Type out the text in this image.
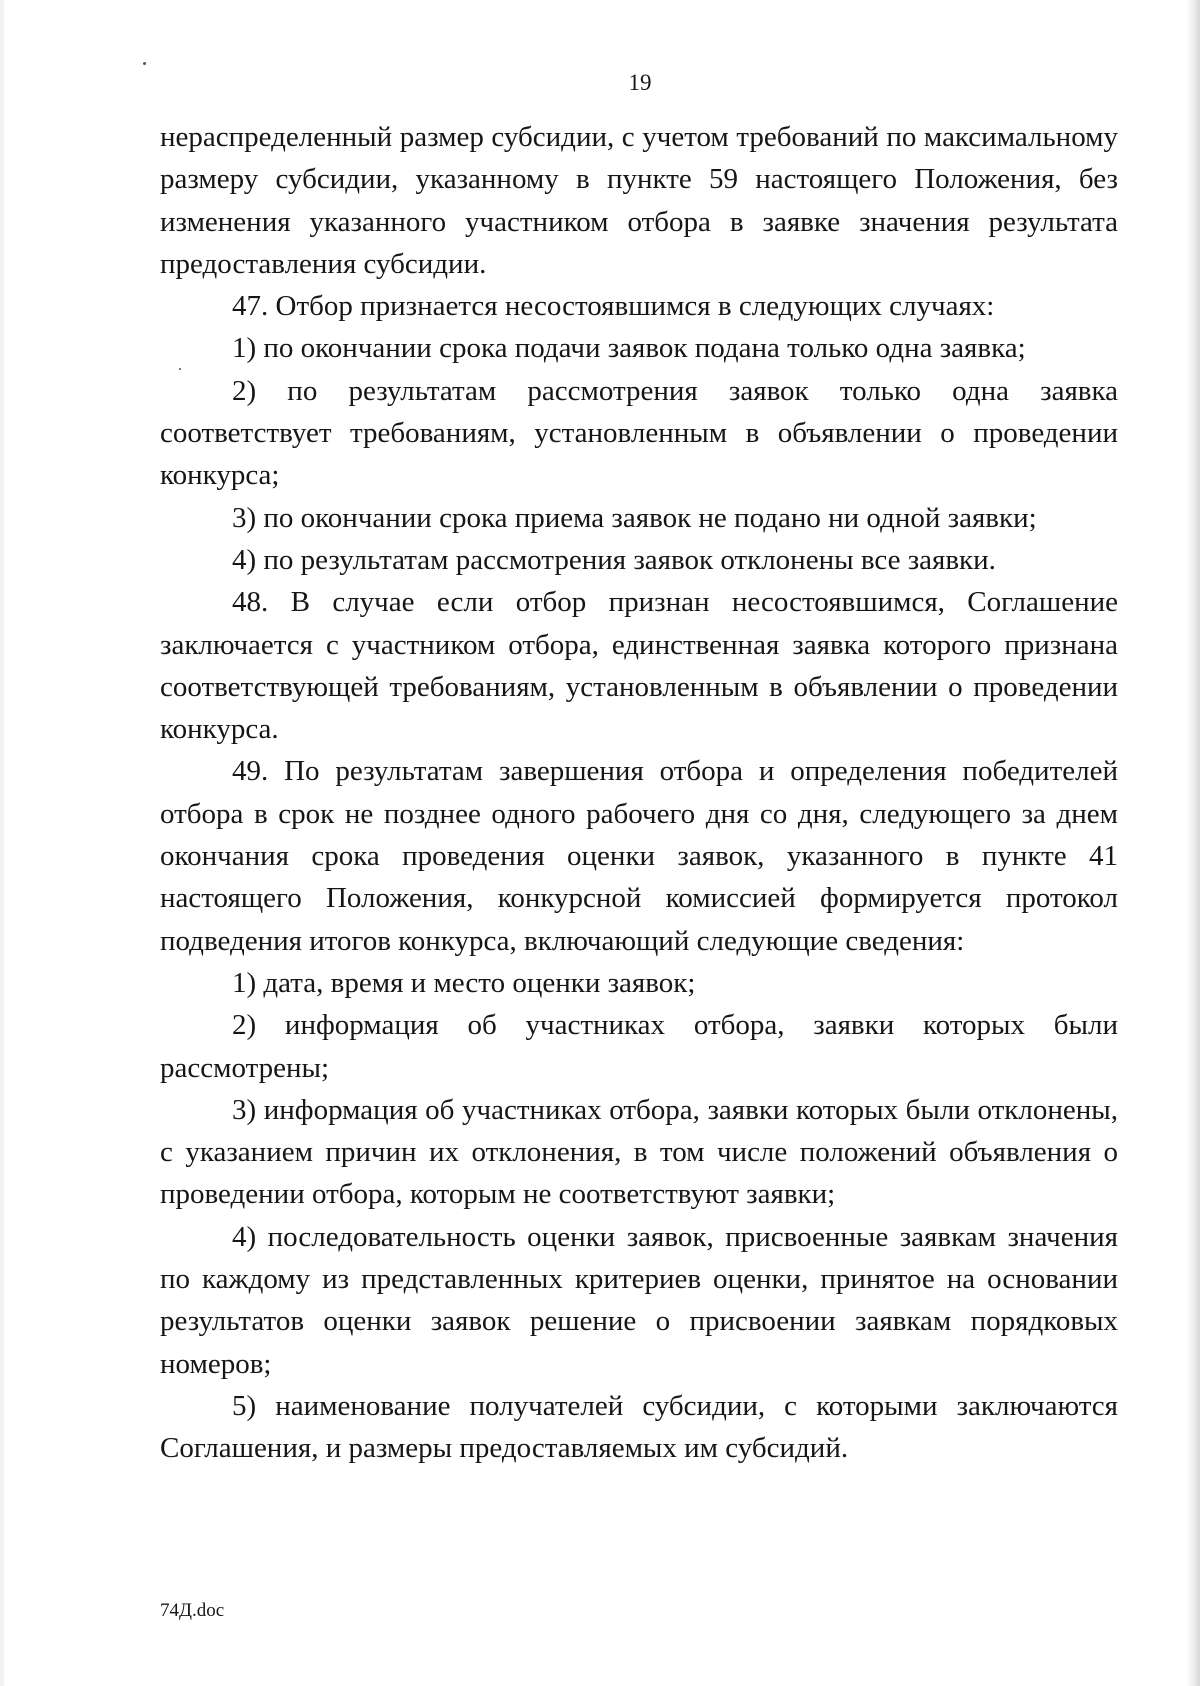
19

нераспределенный размер субсидии, с учетом требований по максимальному размеру субсидии, указанному в пункте 59 настоящего Положения, без изменения указанного участником отбора в заявке значения результата предоставления субсидии.

47. Отбор признается несостоявшимся в следующих случаях:

1) по окончании срока подачи заявок подана только одна заявка;

2) по результатам рассмотрения заявок только одна заявка соответствует требованиям, установленным в объявлении о проведении конкурса;

3) по окончании срока приема заявок не подано ни одной заявки;

4) по результатам рассмотрения заявок отклонены все заявки.

48. В случае если отбор признан несостоявшимся, Соглашение заключается с участником отбора, единственная заявка которого признана соответствующей требованиям, установленным в объявлении о проведении конкурса.

49. По результатам завершения отбора и определения победителей отбора в срок не позднее одного рабочего дня со дня, следующего за днем окончания срока проведения оценки заявок, указанного в пункте 41 настоящего Положения, конкурсной комиссией формируется протокол подведения итогов конкурса, включающий следующие сведения:

1) дата, время и место оценки заявок;

2) информация об участниках отбора, заявки которых были рассмотрены;

3) информация об участниках отбора, заявки которых были отклонены, с указанием причин их отклонения, в том числе положений объявления о проведении отбора, которым не соответствуют заявки;

4) последовательность оценки заявок, присвоенные заявкам значения по каждому из представленных критериев оценки, принятое на основании результатов оценки заявок решение о присвоении заявкам порядковых номеров;

5) наименование получателей субсидии, с которыми заключаются Соглашения, и размеры предоставляемых им субсидий.

74Д.doc
